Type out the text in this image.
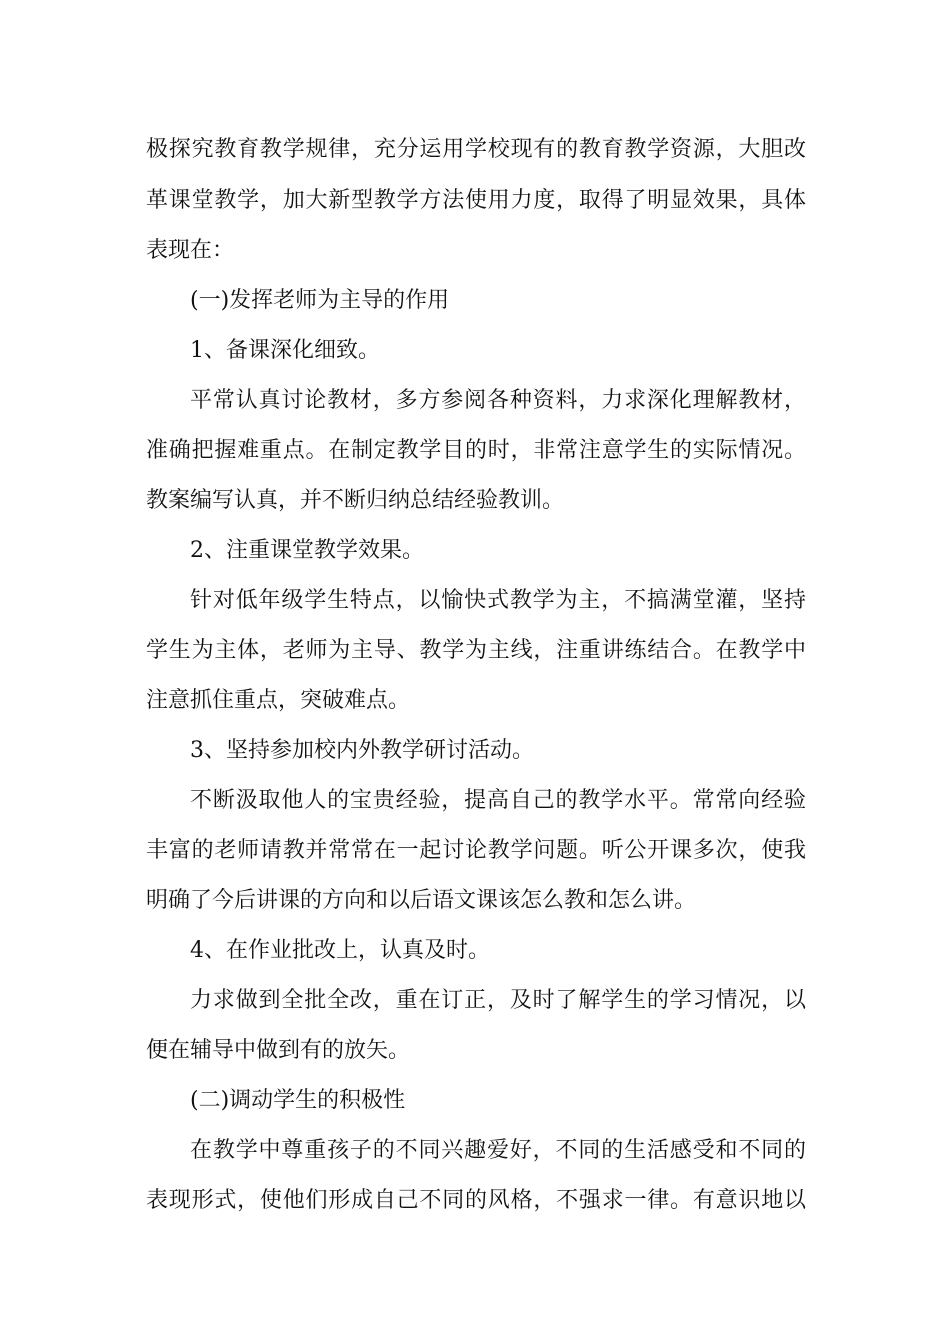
极探究教育教学规律，充分运用学校现有的教育教学资源，大胆改
革课堂教学，加大新型教学方法使用力度，取得了明显效果，具体
表现在：
(一)发挥老师为主导的作用
1、备课深化细致。
平常认真讨论教材，多方参阅各种资料，力求深化理解教材，
准确把握难重点。在制定教学目的时，非常注意学生的实际情况。
教案编写认真，并不断归纳总结经验教训。
2、注重课堂教学效果。
针对低年级学生特点，以愉快式教学为主，不搞满堂灌，坚持
学生为主体，老师为主导、教学为主线，注重讲练结合。在教学中
注意抓住重点，突破难点。
3、坚持参加校内外教学研讨活动。
不断汲取他人的宝贵经验，提高自己的教学水平。常常向经验
丰富的老师请教并常常在一起讨论教学问题。听公开课多次，使我
明确了今后讲课的方向和以后语文课该怎么教和怎么讲。
4、在作业批改上，认真及时。
力求做到全批全改，重在订正，及时了解学生的学习情况，以
便在辅导中做到有的放矢。
(二)调动学生的积极性
在教学中尊重孩子的不同兴趣爱好，不同的生活感受和不同的
表现形式，使他们形成自己不同的风格，不强求一律。有意识地以
